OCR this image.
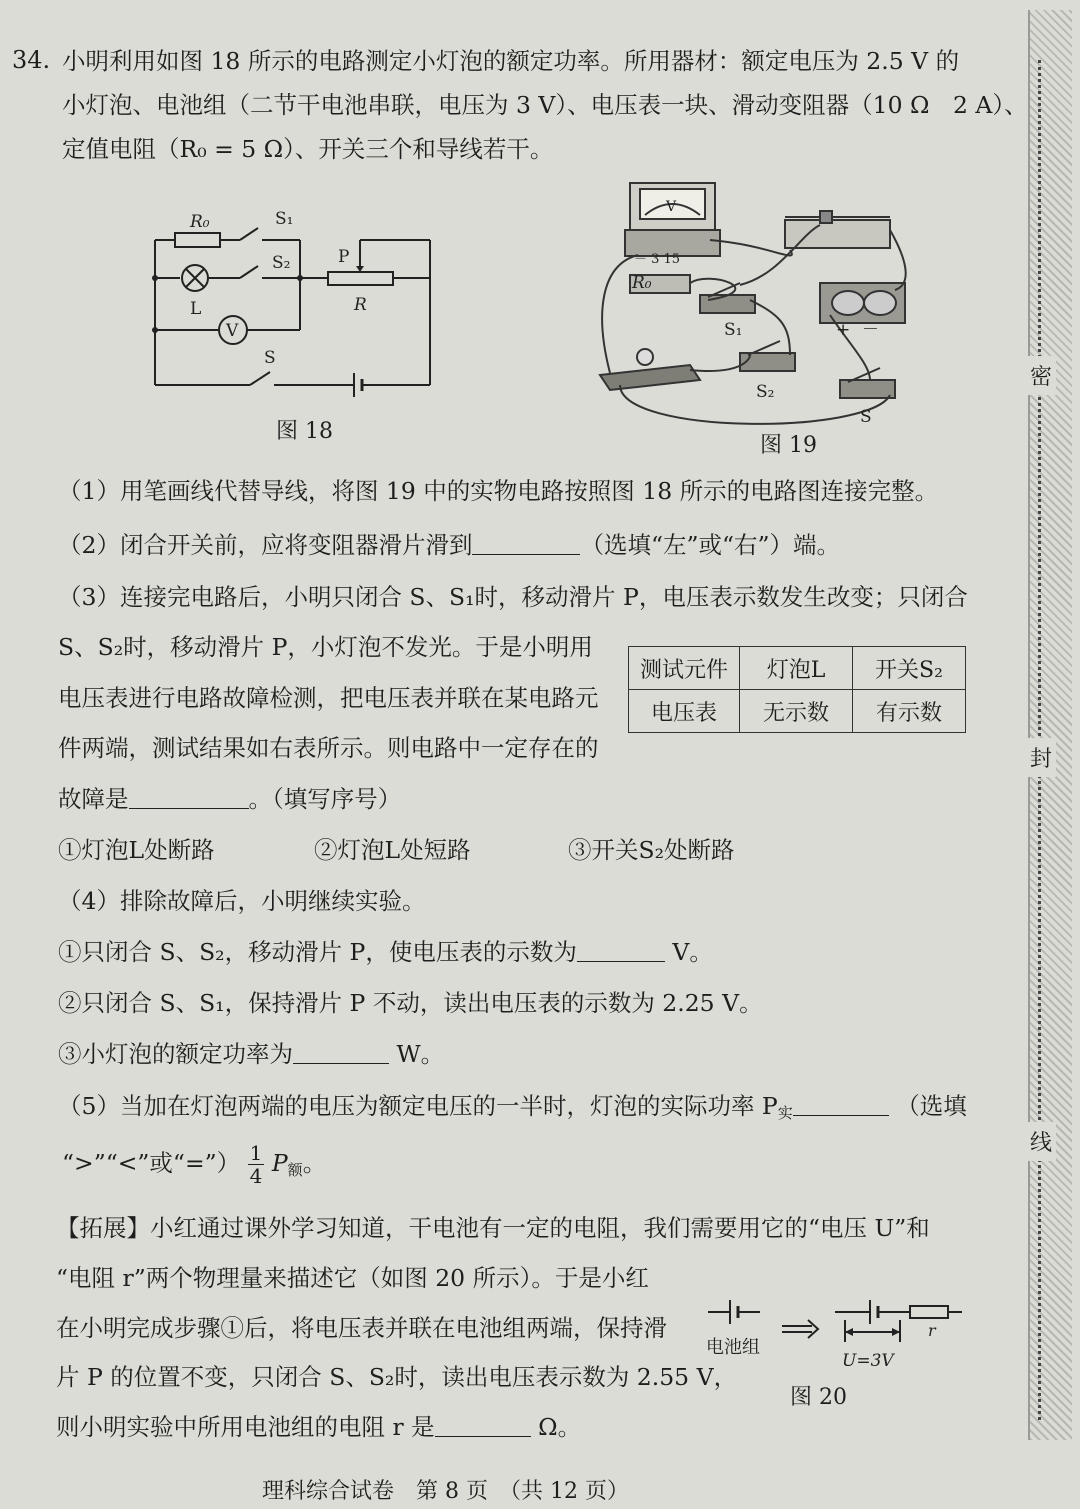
34. 小明利用如图 18 所示的电路测定小灯泡的额定功率。所用器材：额定电压为 2.5 V 的
小灯泡、电池组（二节干电池串联，电压为 3 V）、电压表一块、滑动变阻器（10 Ω　2 A）、
定值电阻（R₀ = 5 Ω）、开关三个和导线若干。
R₀	S₁
S₂	P
R
L
V
S
图 18
V
－ 3 15
R₀
S₁
S₂
S
+ －
图 19
（1）用笔画线代替导线，将图 19 中的实物电路按照图 18 所示的电路图连接完整。
（2）闭合开关前，应将变阻器滑片滑到	（选填“左”或“右”）端。
（3）连接完电路后，小明只闭合 S、S₁时，移动滑片 P，电压表示数发生改变；只闭合
S、S₂时，移动滑片 P，小灯泡不发光。于是小明用
电压表进行电路故障检测，把电压表并联在某电路元
件两端，测试结果如右表所示。则电路中一定存在的
故障是	。（填写序号）
测试元件	灯泡L	开关S₂
电压表	无示数	有示数
①灯泡L处断路	②灯泡L处短路	③开关S₂处断路
（4）排除故障后，小明继续实验。
①只闭合 S、S₂，移动滑片 P，使电压表的示数为	V。
②只闭合 S、S₁，保持滑片 P 不动，读出电压表的示数为 2.25 V。
③小灯泡的额定功率为	W。
（5）当加在灯泡两端的电压为额定电压的一半时，灯泡的实际功率 $P_实$	（选填
“>”“<”或“=”） $\frac{1}{4} P_额$。
【拓展】小红通过课外学习知道，干电池有一定的电阻，我们需要用它的“电压 U”和
“电阻 r”两个物理量来描述它（如图 20 所示）。于是小红
在小明完成步骤①后，将电压表并联在电池组两端，保持滑
片 P 的位置不变，只闭合 S、S₂时，读出电压表示数为 2.55 V，
则小明实验中所用电池组的电阻 r 是	Ω。
电池组
r
U=3V
图 20
密
封
线
理科综合试卷　第 8 页　（共 12 页）
